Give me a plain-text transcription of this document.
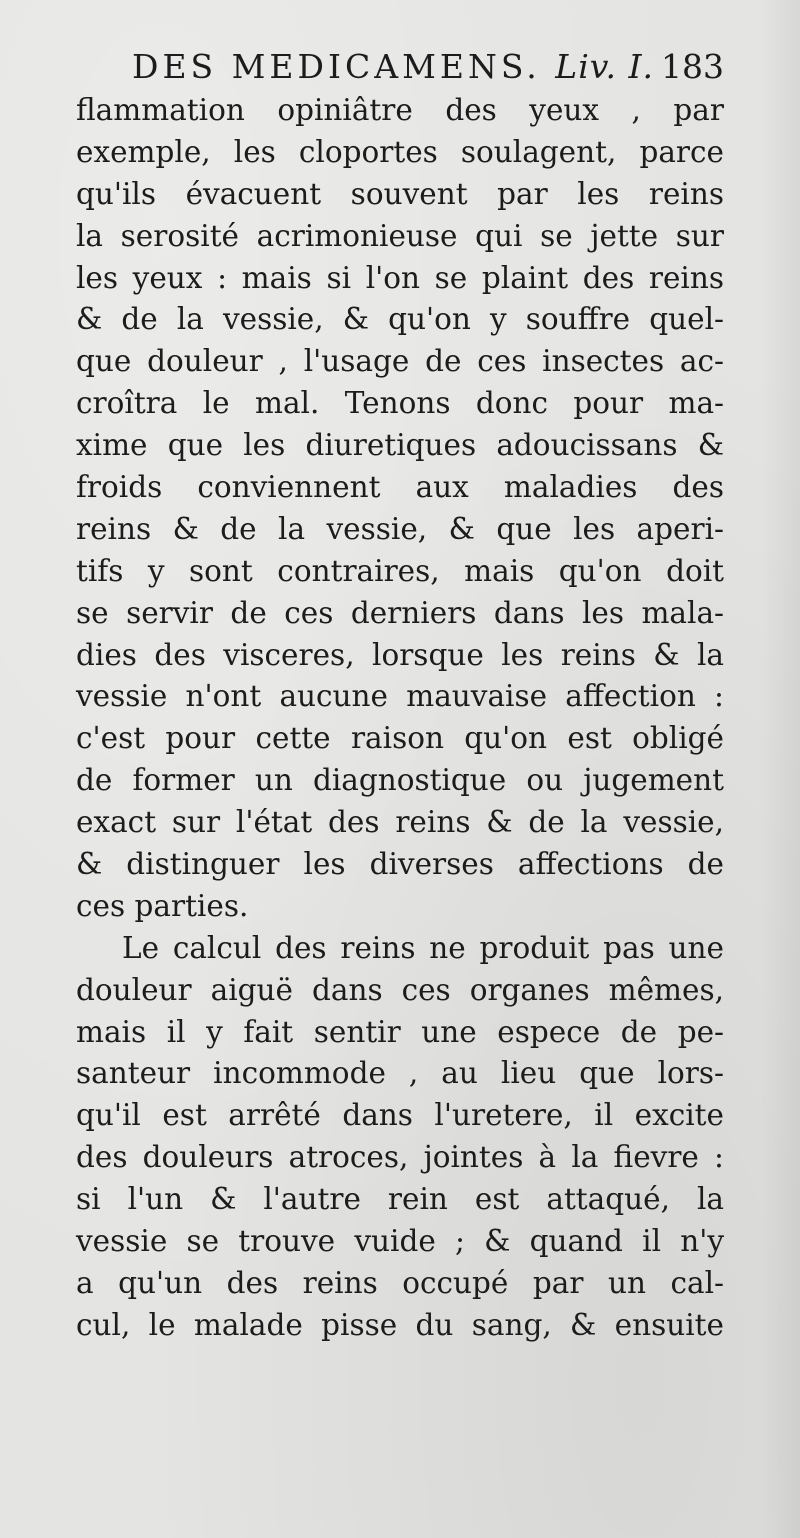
DES MEDICAMENS. Liv. I. 183
flammation opiniâtre des yeux , par
exemple, les cloportes soulagent, parce
qu'ils évacuent souvent par les reins
la serosité acrimonieuse qui se jette sur
les yeux : mais si l'on se plaint des reins
& de la vessie, & qu'on y souffre quel-
que douleur , l'usage de ces insectes ac-
croîtra le mal. Tenons donc pour ma-
xime que les diuretiques adoucissans &
froids conviennent aux maladies des
reins & de la vessie, & que les aperi-
tifs y sont contraires, mais qu'on doit
se servir de ces derniers dans les mala-
dies des visceres, lorsque les reins & la
vessie n'ont aucune mauvaise affection :
c'est pour cette raison qu'on est obligé
de former un diagnostique ou jugement
exact sur l'état des reins & de la vessie,
& distinguer les diverses affections de
ces parties.
Le calcul des reins ne produit pas une
douleur aiguë dans ces organes mêmes,
mais il y fait sentir une espece de pe-
santeur incommode , au lieu que lors-
qu'il est arrêté dans l'uretere, il excite
des douleurs atroces, jointes à la fievre :
si l'un & l'autre rein est attaqué, la
vessie se trouve vuide ; & quand il n'y
a qu'un des reins occupé par un cal-
cul, le malade pisse du sang, & ensuite
